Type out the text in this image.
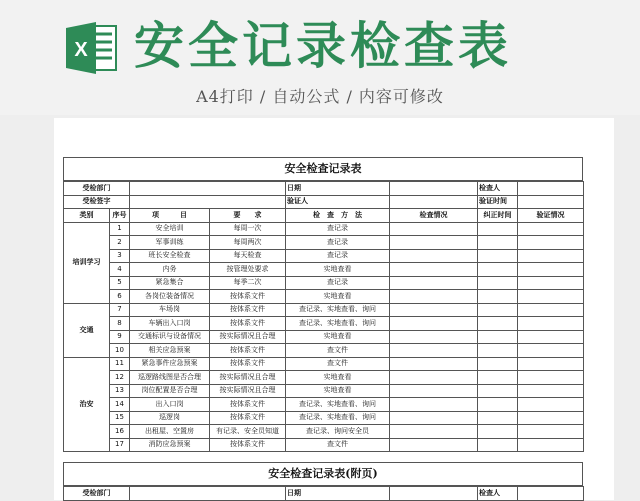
X 安全记录检查表
A4打印 / 自动公式 / 内容可修改
安全检查记录表
受检部门				日期		检查人	
受检签字				验证人		验证时间	
类别	序号	项　　　目	要　　求	检　查　方　法	检查情况	纠正时间	验证情况
培训学习	1	安全培训	每周一次	查记录			
	2	军事训练	每周两次	查记录			
	3	班长安全检查	每天检查	查记录			
	4	内务	按管理处要求	实地查看			
	5	紧急集合	每季二次	查记录			
	6	各岗位装备情况	按体系文件	实地查看			
交通	7	车场岗	按体系文件	查记录、实地查看、询问			
	8	车辆出入口岗	按体系文件	查记录、实地查看、询问			
	9	交通标识与设备情况	按实际情况且合理	实地查看			
	10	相关应急预案	按体系文件	查文件			
治安	11	紧急事件应急预案	按体系文件	查文件			
	12	巡逻路线图是否合理	按实际情况且合理	实地查看			
	13	岗位配置是否合理	按实际情况且合理	实地查看			
	14	出入口岗	按体系文件	查记录、实地查看、询问			
	15	巡逻岗	按体系文件	查记录、实地查看、询问			
	16	出租屋、空置房	有记录、安全员知道	查记录、询问安全员			
	17	消防应急预案	按体系文件	查文件			
安全检查记录表(附页)
受检部门		日期		检查人	
